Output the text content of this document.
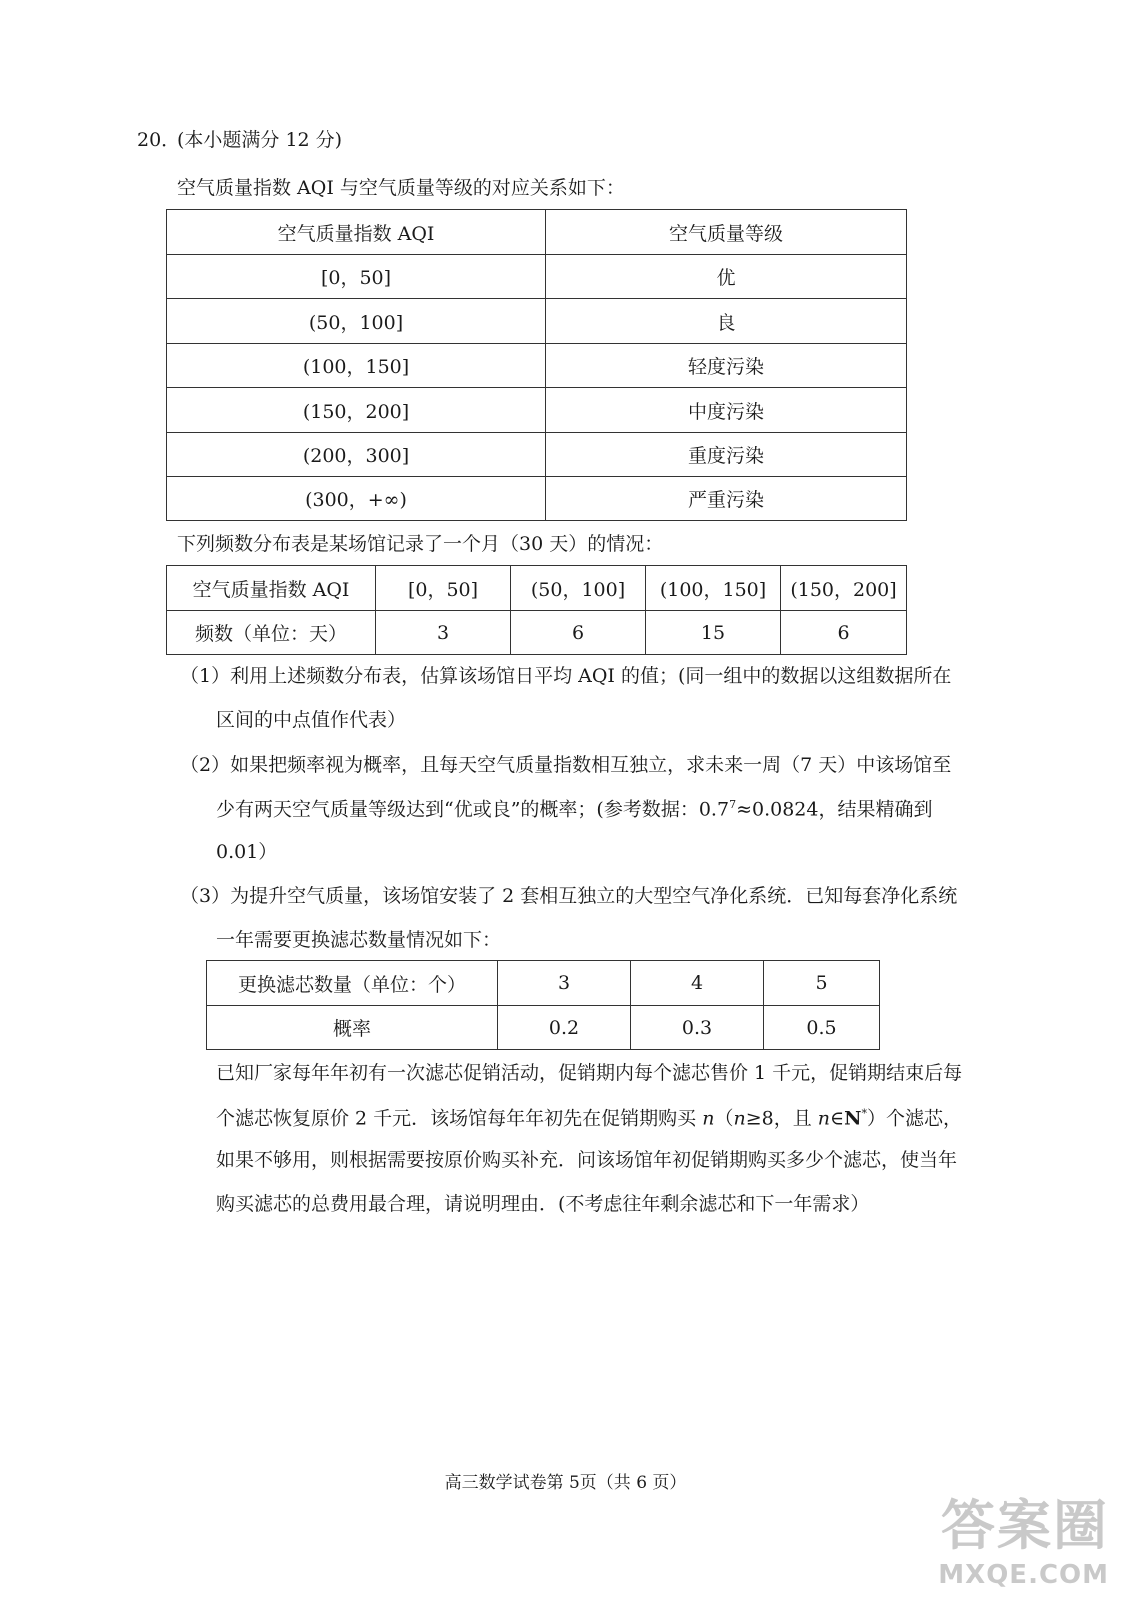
20．
(本小题满分 12 分)
空气质量指数 AQI 与空气质量等级的对应关系如下：
空气质量指数 AQI	空气质量等级
[0，50]	优
(50，100]	良
(100，150]	轻度污染
(150，200]	中度污染
(200，300]	重度污染
(300，+∞)	严重污染
下列频数分布表是某场馆记录了一个月（30 天）的情况：
空气质量指数 AQI	[0，50]	(50，100]	(100，150]	(150，200]
频数（单位：天）	3	6	15	6
（1）利用上述频数分布表，估算该场馆日平均 AQI 的值；(同一组中的数据以这组数据所在
区间的中点值作代表）
（2）如果把频率视为概率，且每天空气质量指数相互独立，求未来一周（7 天）中该场馆至
少有两天空气质量等级达到“优或良”的概率；(参考数据：$0.7^7\approx 0.0824$，结果精确到
0.01）
（3）为提升空气质量，该场馆安装了 2 套相互独立的大型空气净化系统．已知每套净化系统
一年需要更换滤芯数量情况如下：
更换滤芯数量（单位：个）	3	4	5
概率	0.2	0.3	0.5
已知厂家每年年初有一次滤芯促销活动，促销期内每个滤芯售价 1 千元，促销期结束后每
个滤芯恢复原价 2 千元．该场馆每年年初先在促销期购买 n（n≥8，且 n∈N*）个滤芯，
如果不够用，则根据需要按原价购买补充．问该场馆年初促销期购买多少个滤芯，使当年
购买滤芯的总费用最合理，请说明理由．(不考虑往年剩余滤芯和下一年需求）
高三数学试卷第 5页（共 6 页）
答案圈
MXQE.COM
